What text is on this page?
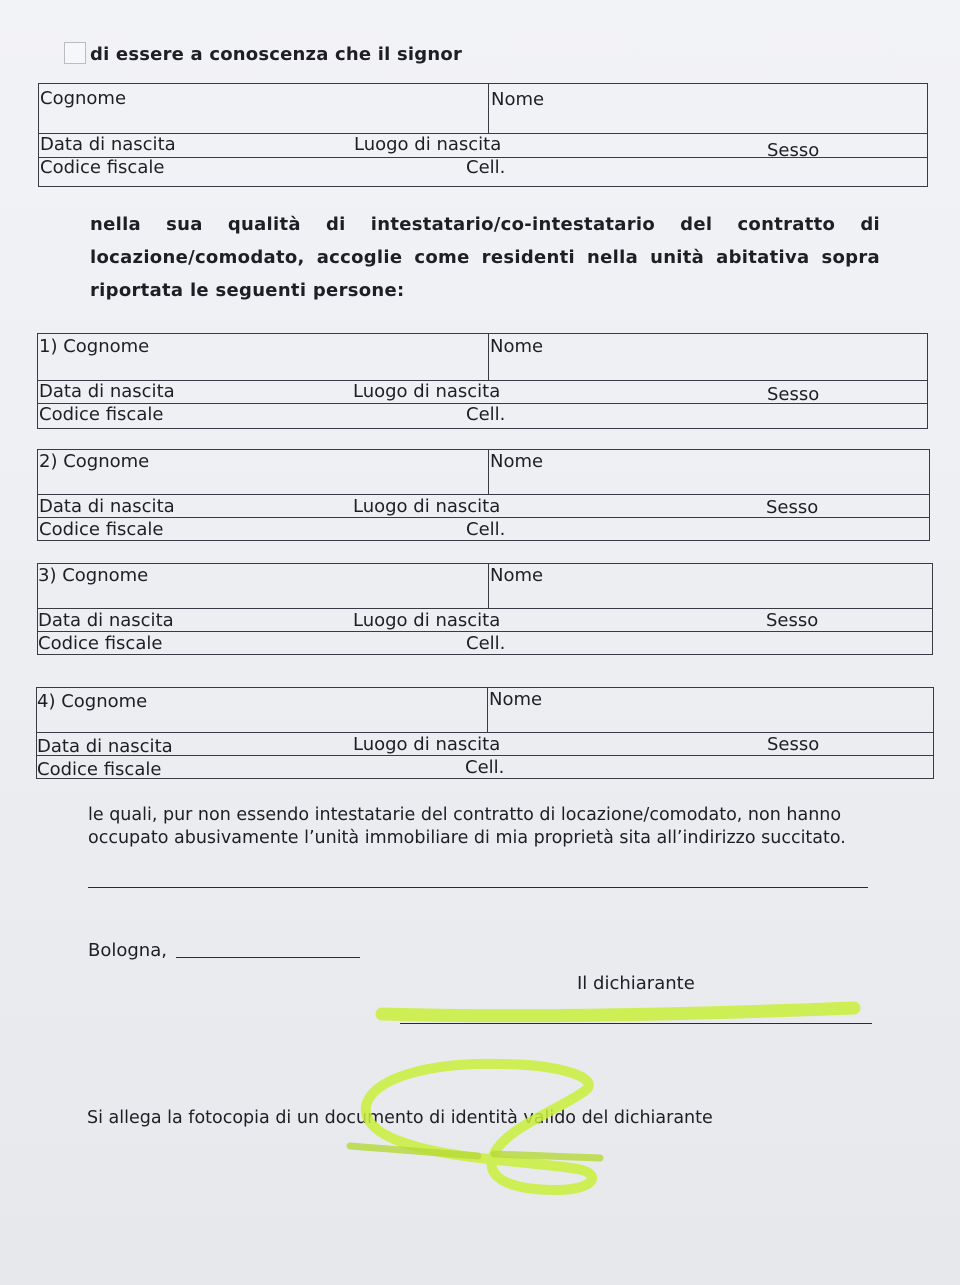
di essere a conoscenza che il signor
Cognome	Nome
Data di nascita	Luogo di nascita	Sesso
Codice fiscale	Cell.
nella sua qualità di intestatario/co-intestatario del contratto di locazione/comodato, accoglie come residenti nella unità abitativa sopra riportata le seguenti persone:
1) Cognome	Nome
Data di nascita	Luogo di nascita	Sesso
Codice fiscale	Cell.
2) Cognome	Nome
Data di nascita	Luogo di nascita	Sesso
Codice fiscale	Cell.
3) Cognome	Nome
Data di nascita	Luogo di nascita	Sesso
Codice fiscale	Cell.
4) Cognome	Nome
Data di nascita	Luogo di nascita	Sesso
Codice fiscale	Cell.
le quali, pur non essendo intestatarie del contratto di locazione/comodato, non hanno occupato abusivamente l’unità immobiliare di mia proprietà sita all’indirizzo succitato.
Bologna,
Il dichiarante
Si allega la fotocopia di un documento di identità valido del dichiarante
